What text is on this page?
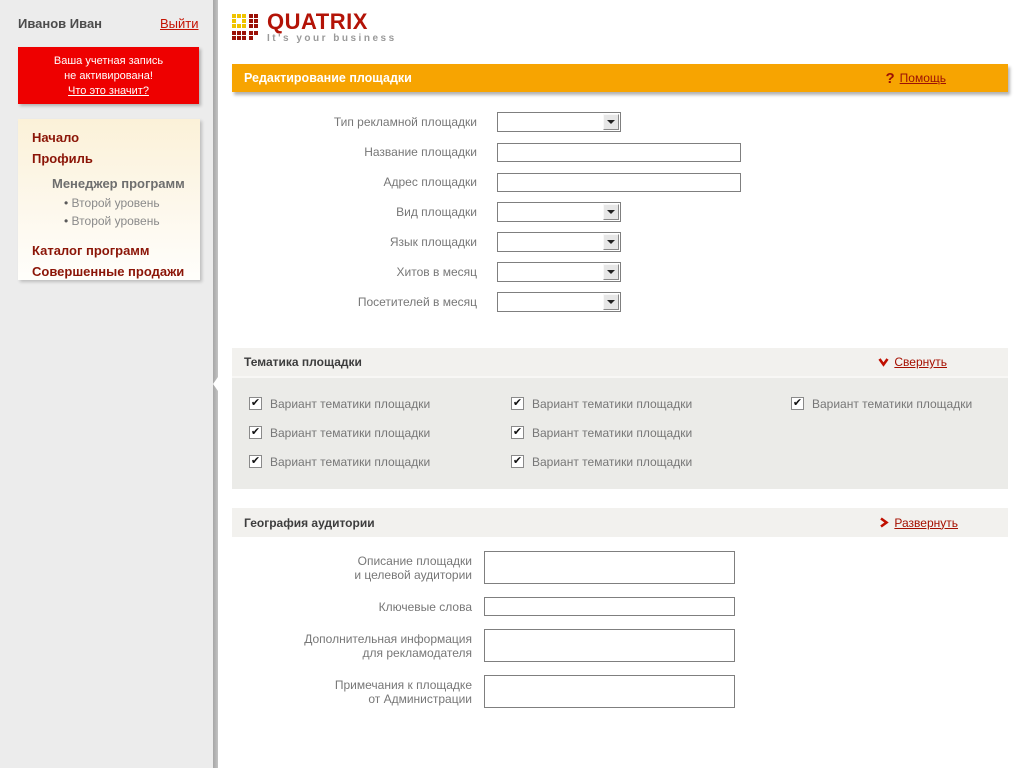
Иванов Иван	Выйти
Ваша учетная запись
не активирована!
Что это значит?
Начало
Профиль
Менеджер программ
• Второй уровень
• Второй уровень
Каталог программ
Совершенные продажи
QUATRIX
It's your business
Редактирование площадки	? Помощь
Тип рекламной площадки
Название площадки
Адрес площадки
Вид площадки
Язык площадки
Хитов в месяц
Посетителей в месяц
Тематика площадки	Свернуть
✔ Вариант тематики площадки
✔ Вариант тематики площадки
✔ Вариант тематики площадки
✔ Вариант тематики площадки
✔ Вариант тематики площадки
✔ Вариант тематики площадки
✔ Вариант тематики площадки
География аудитории	Развернуть
Описание площадки
и целевой аудитории
Ключевые слова
Дополнительная информация
для рекламодателя
Примечания к площадке
от Администрации
